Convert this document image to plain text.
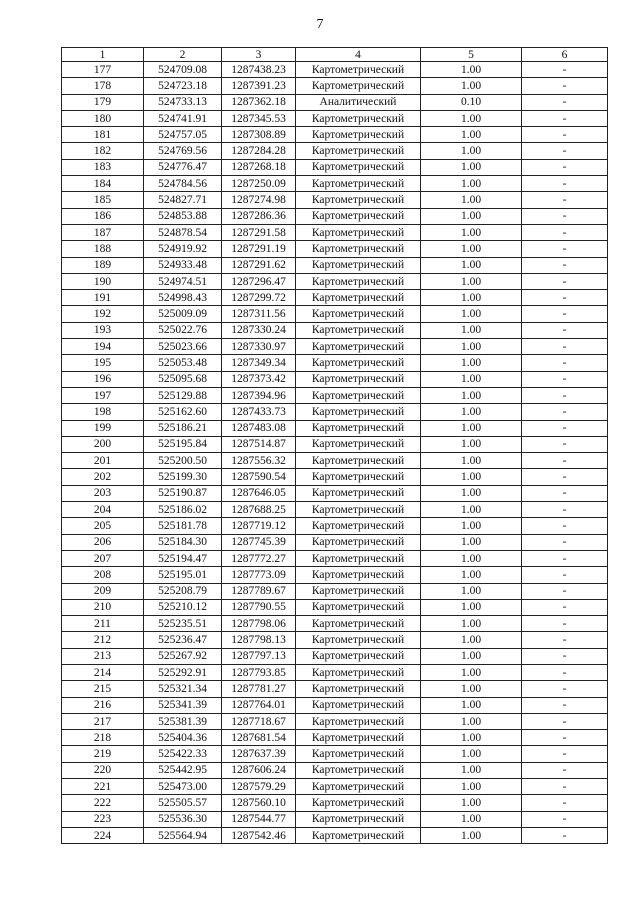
7
1	2	3	4	5	6
177	524709.08	1287438.23	Картометрический	1.00	-
178	524723.18	1287391.23	Картометрический	1.00	-
179	524733.13	1287362.18	Аналитический	0.10	-
180	524741.91	1287345.53	Картометрический	1.00	-
181	524757.05	1287308.89	Картометрический	1.00	-
182	524769.56	1287284.28	Картометрический	1.00	-
183	524776.47	1287268.18	Картометрический	1.00	-
184	524784.56	1287250.09	Картометрический	1.00	-
185	524827.71	1287274.98	Картометрический	1.00	-
186	524853.88	1287286.36	Картометрический	1.00	-
187	524878.54	1287291.58	Картометрический	1.00	-
188	524919.92	1287291.19	Картометрический	1.00	-
189	524933.48	1287291.62	Картометрический	1.00	-
190	524974.51	1287296.47	Картометрический	1.00	-
191	524998.43	1287299.72	Картометрический	1.00	-
192	525009.09	1287311.56	Картометрический	1.00	-
193	525022.76	1287330.24	Картометрический	1.00	-
194	525023.66	1287330.97	Картометрический	1.00	-
195	525053.48	1287349.34	Картометрический	1.00	-
196	525095.68	1287373.42	Картометрический	1.00	-
197	525129.88	1287394.96	Картометрический	1.00	-
198	525162.60	1287433.73	Картометрический	1.00	-
199	525186.21	1287483.08	Картометрический	1.00	-
200	525195.84	1287514.87	Картометрический	1.00	-
201	525200.50	1287556.32	Картометрический	1.00	-
202	525199.30	1287590.54	Картометрический	1.00	-
203	525190.87	1287646.05	Картометрический	1.00	-
204	525186.02	1287688.25	Картометрический	1.00	-
205	525181.78	1287719.12	Картометрический	1.00	-
206	525184.30	1287745.39	Картометрический	1.00	-
207	525194.47	1287772.27	Картометрический	1.00	-
208	525195.01	1287773.09	Картометрический	1.00	-
209	525208.79	1287789.67	Картометрический	1.00	-
210	525210.12	1287790.55	Картометрический	1.00	-
211	525235.51	1287798.06	Картометрический	1.00	-
212	525236.47	1287798.13	Картометрический	1.00	-
213	525267.92	1287797.13	Картометрический	1.00	-
214	525292.91	1287793.85	Картометрический	1.00	-
215	525321.34	1287781.27	Картометрический	1.00	-
216	525341.39	1287764.01	Картометрический	1.00	-
217	525381.39	1287718.67	Картометрический	1.00	-
218	525404.36	1287681.54	Картометрический	1.00	-
219	525422.33	1287637.39	Картометрический	1.00	-
220	525442.95	1287606.24	Картометрический	1.00	-
221	525473.00	1287579.29	Картометрический	1.00	-
222	525505.57	1287560.10	Картометрический	1.00	-
223	525536.30	1287544.77	Картометрический	1.00	-
224	525564.94	1287542.46	Картометрический	1.00	-
